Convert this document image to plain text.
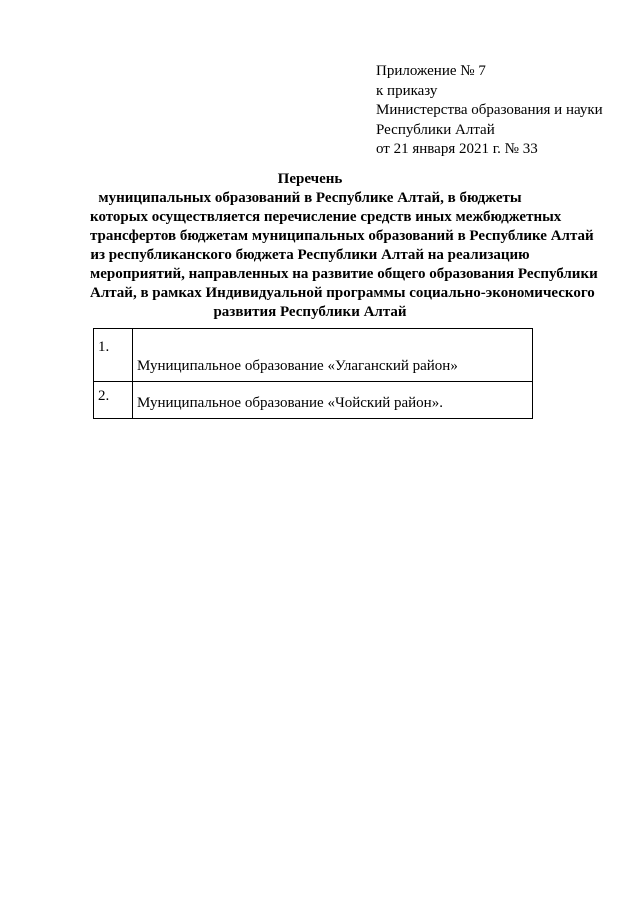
Приложение № 7
к приказу
Министерства образования и науки
Республики Алтай
от 21 января 2021 г. № 33
Перечень
муниципальных образований в Республике Алтай, в бюджеты
которых осуществляется перечисление средств иных межбюджетных
трансфертов бюджетам муниципальных образований в Республике Алтай
из республиканского бюджета Республики Алтай на реализацию
мероприятий, направленных на развитие общего образования Республики
Алтай, в рамках Индивидуальной программы социально-экономического
развития Республики Алтай
1.	Муниципальное образование «Улаганский район»
2.	Муниципальное образование «Чойский район».
